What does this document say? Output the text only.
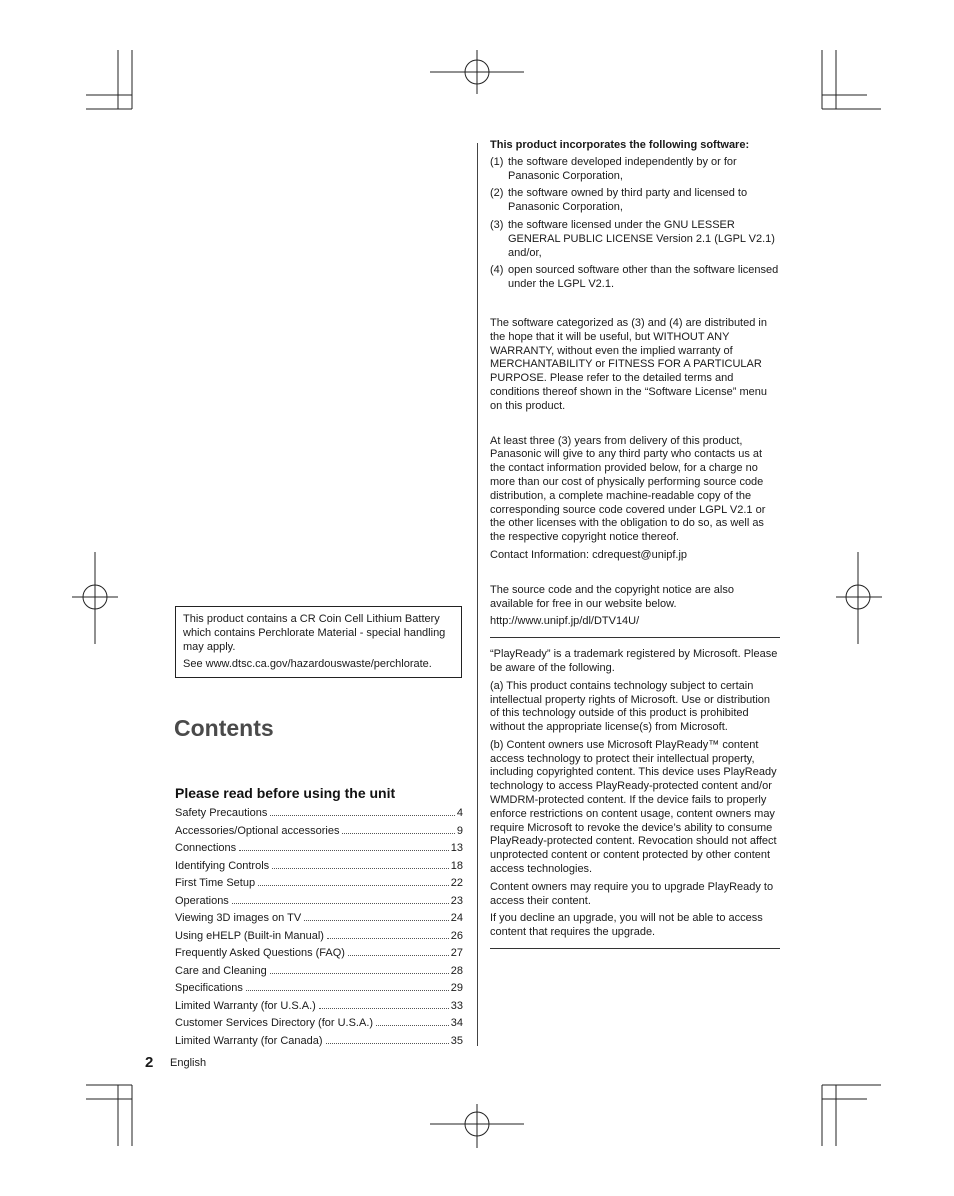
This product contains a CR Coin Cell Lithium Battery which contains Perchlorate Material - special handling may apply.

See www.dtsc.ca.gov/hazardouswaste/perchlorate.

Contents
Please read before using the unit
Safety Precautions	4
Accessories/Optional accessories	9
Connections	13
Identifying Controls	18
First Time Setup	22
Operations	23
Viewing 3D images on TV	24
Using eHELP (Built-in Manual)	26
Frequently Asked Questions (FAQ)	27
Care and Cleaning	28
Specifications	29
Limited Warranty (for U.S.A.)	33
Customer Services Directory (for U.S.A.)	34
Limited Warranty (for Canada)	35
2 English

This product incorporates the following software:

(1) the software developed independently by or for Panasonic Corporation,
(2) the software owned by third party and licensed to Panasonic Corporation,
(3) the software licensed under the GNU LESSER GENERAL PUBLIC LICENSE Version 2.1 (LGPL V2.1) and/or,
(4) open sourced software other than the software licensed under the LGPL V2.1.

The software categorized as (3) and (4) are distributed in the hope that it will be useful, but WITHOUT ANY WARRANTY, without even the implied warranty of MERCHANTABILITY or FITNESS FOR A PARTICULAR PURPOSE. Please refer to the detailed terms and conditions thereof shown in the “Software License” menu on this product.

At least three (3) years from delivery of this product, Panasonic will give to any third party who contacts us at the contact information provided below, for a charge no more than our cost of physically performing source code distribution, a complete machine-readable copy of the corresponding source code covered under LGPL V2.1 or the other licenses with the obligation to do so, as well as the respective copyright notice thereof.

Contact Information: cdrequest@unipf.jp

The source code and the copyright notice are also available for free in our website below.

http://www.unipf.jp/dl/DTV14U/

“PlayReady” is a trademark registered by Microsoft. Please be aware of the following.

(a) This product contains technology subject to certain intellectual property rights of Microsoft. Use or distribution of this technology outside of this product is prohibited without the appropriate license(s) from Microsoft.

(b) Content owners use Microsoft PlayReady™ content access technology to protect their intellectual property, including copyrighted content. This device uses PlayReady technology to access PlayReady-protected content and/or WMDRM-protected content. If the device fails to properly enforce restrictions on content usage, content owners may require Microsoft to revoke the device’s ability to consume PlayReady-protected content. Revocation should not affect unprotected content or content protected by other content access technologies.

Content owners may require you to upgrade PlayReady to access their content.

If you decline an upgrade, you will not be able to access content that requires the upgrade.
